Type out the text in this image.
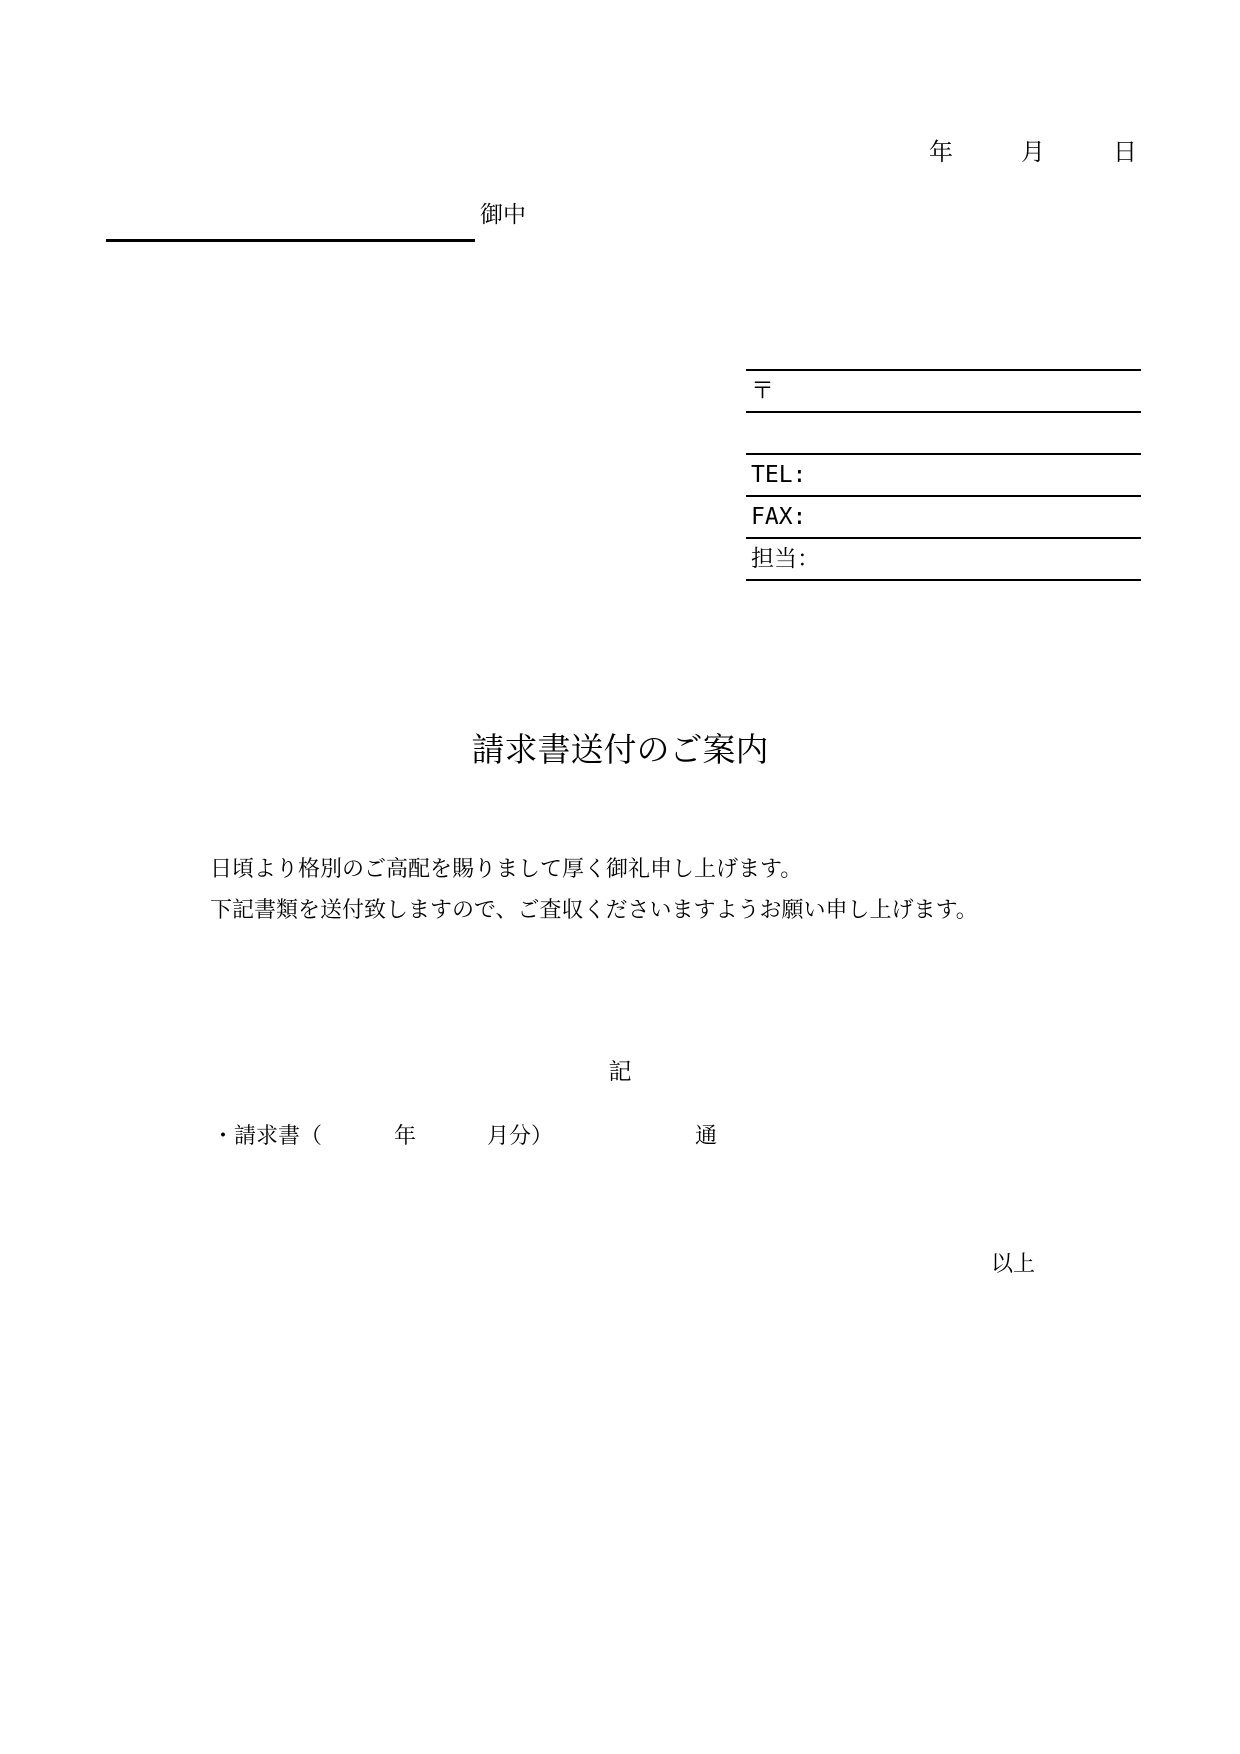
年	月	日
御中
〒
TEL:
FAX:
担当：
請求書送付のご案内
日頃より格別のご高配を賜りまして厚く御礼申し上げます。
下記書類を送付致しますので、ご査収くださいますようお願い申し上げます。
記
・請求書（	年	月分）	通
以上
